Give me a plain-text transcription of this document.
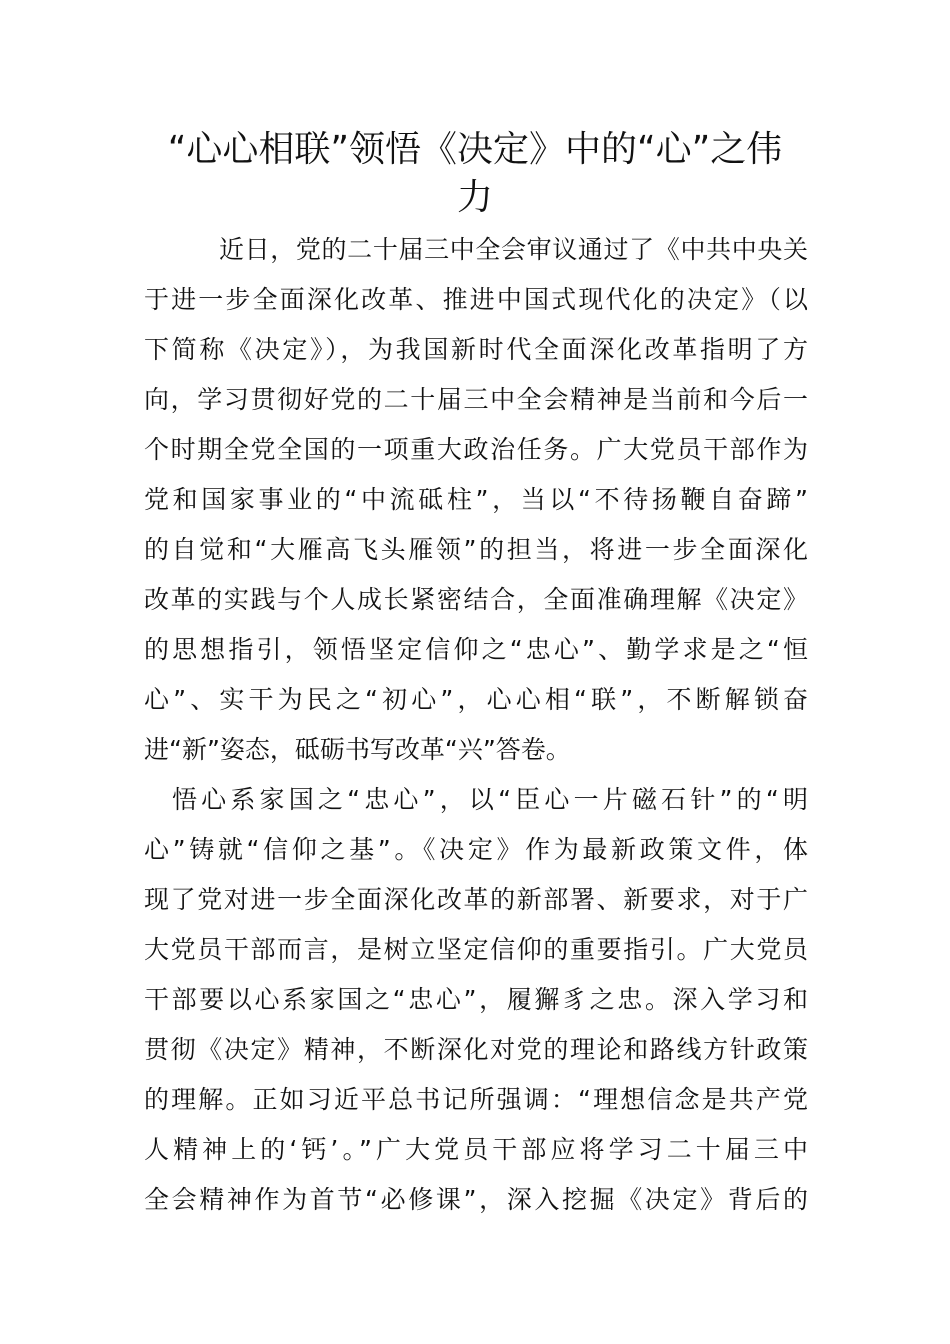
“心心相联”领悟《决定》中的“心”之伟
力
近日，党的二十届三中全会审议通过了《中共中央关
于进一步全面深化改革、推进中国式现代化的决定》（以
下简称《决定》），为我国新时代全面深化改革指明了方
向，学习贯彻好党的二十届三中全会精神是当前和今后一
个时期全党全国的一项重大政治任务。广大党员干部作为
党和国家事业的“中流砥柱”，当以“不待扬鞭自奋蹄”
的自觉和“大雁高飞头雁领”的担当，将进一步全面深化
改革的实践与个人成长紧密结合，全面准确理解《决定》
的思想指引，领悟坚定信仰之“忠心”、勤学求是之“恒
心”、实干为民之“初心”，心心相“联”，不断解锁奋
进“新”姿态，砥砺书写改革“兴”答卷。
悟心系家国之“忠心”，以“臣心一片磁石针”的“明
心”铸就“信仰之基”。《决定》作为最新政策文件，体
现了党对进一步全面深化改革的新部署、新要求，对于广
大党员干部而言，是树立坚定信仰的重要指引。广大党员
干部要以心系家国之“忠心”，履獬豸之忠。深入学习和
贯彻《决定》精神，不断深化对党的理论和路线方针政策
的理解。正如习近平总书记所强调：“理想信念是共产党
人精神上的‘钙’。”广大党员干部应将学习二十届三中
全会精神作为首节“必修课”，深入挖掘《决定》背后的
